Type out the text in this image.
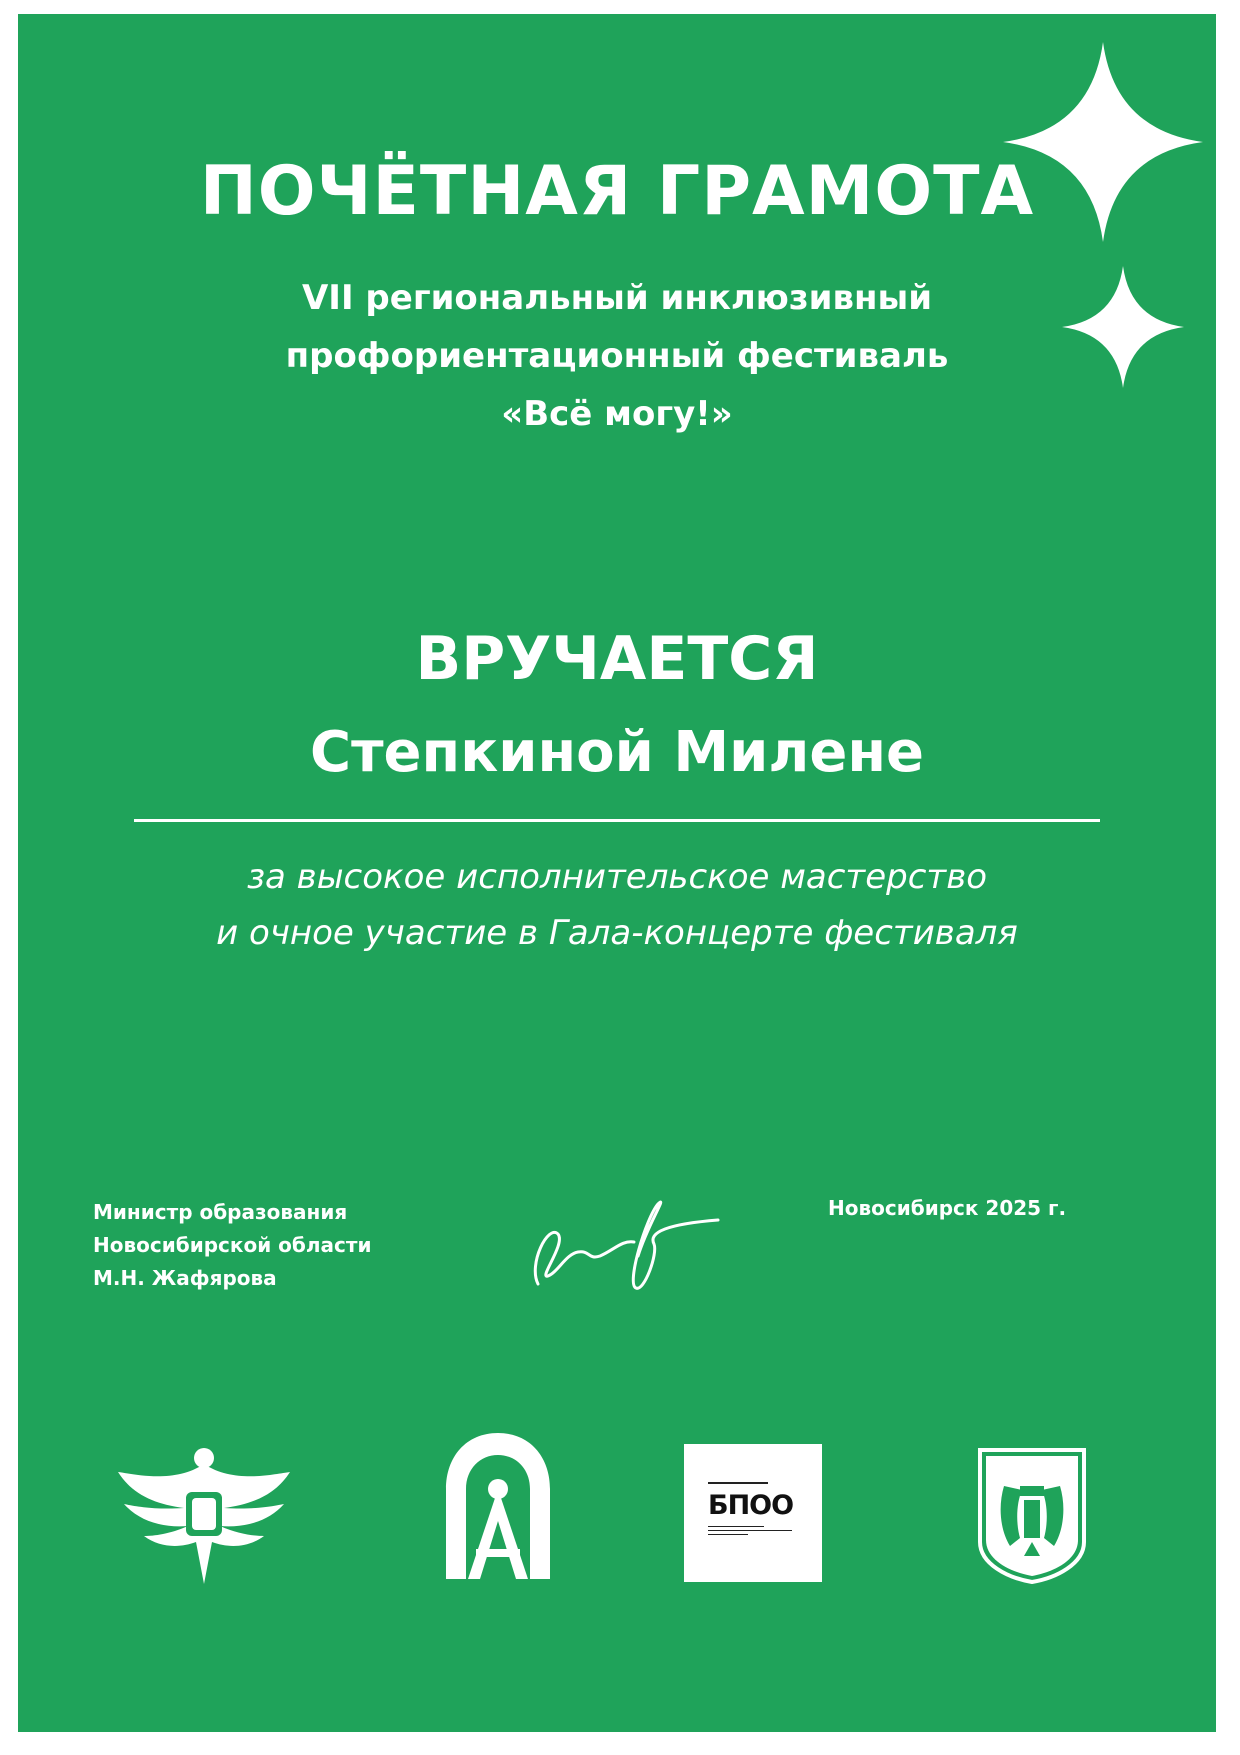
ПОЧЁТНАЯ ГРАМОТА
VII региональный инклюзивный
профориентационный фестиваль
«Всё могу!»
ВРУЧАЕТСЯ
Степкиной Милене
за высокое исполнительское мастерство
и очное участие в Гала-концерте фестиваля
Министр образования
Новосибирской области
М.Н. Жафярова
Новосибирск 2025 г.
БПОО
